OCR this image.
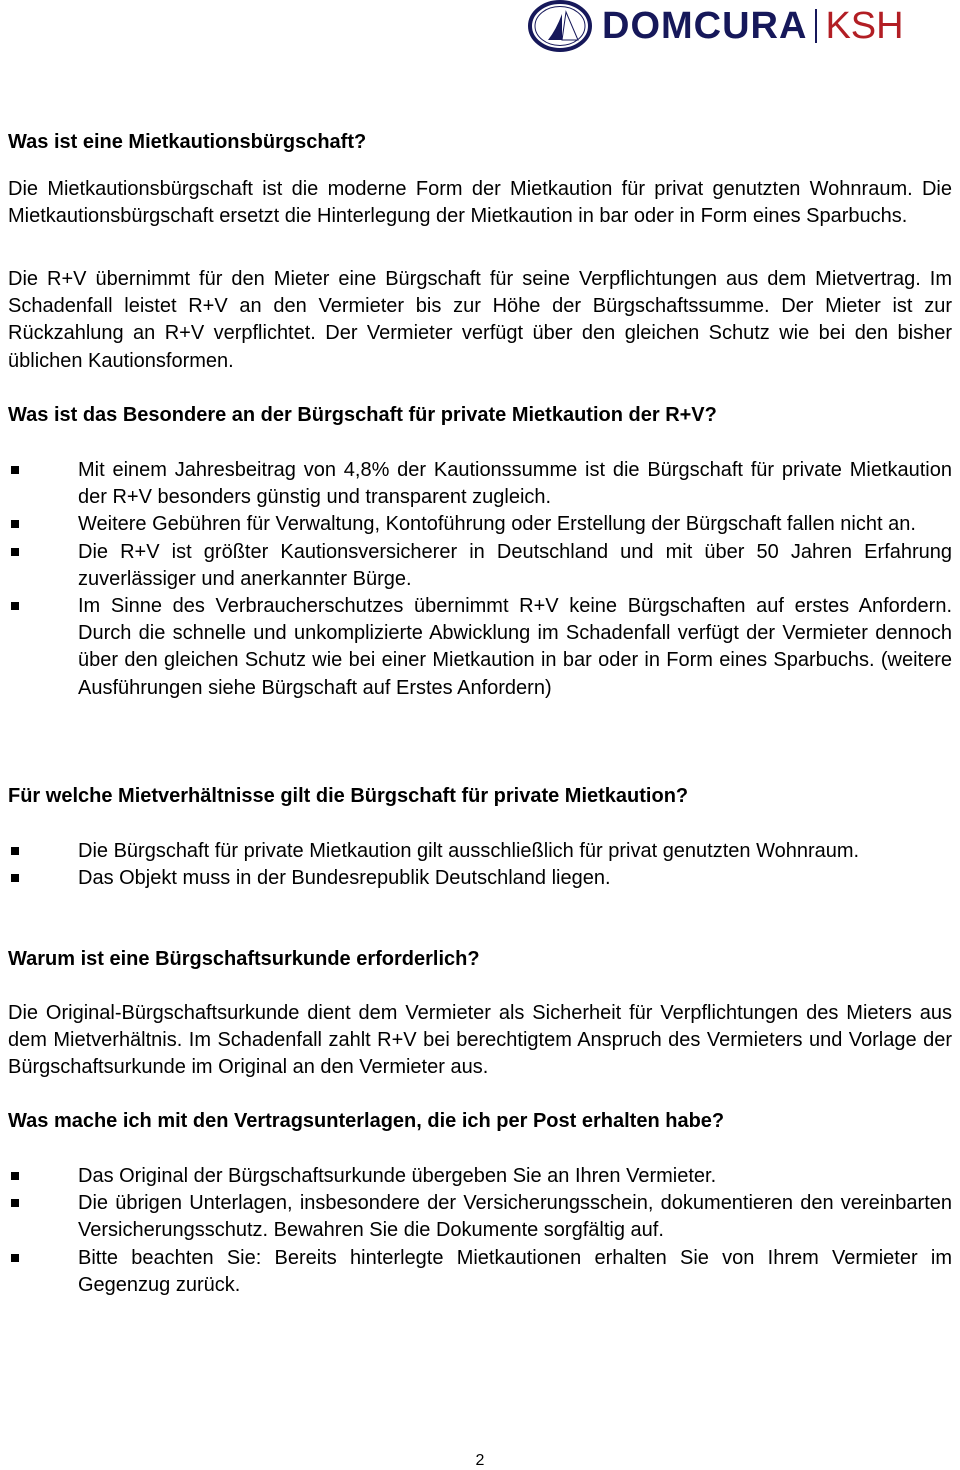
DOMCURA KSH
Was ist eine Mietkautionsbürgschaft?
Die Mietkautionsbürgschaft ist die moderne Form der Mietkaution für privat genutzten Wohnraum. Die Mietkautionsbürgschaft ersetzt die Hinterlegung der Mietkaution in bar oder in Form eines Sparbuchs.
Die R+V übernimmt für den Mieter eine Bürgschaft für seine Verpflichtungen aus dem Mietvertrag. Im Schadenfall leistet R+V an den Vermieter bis zur Höhe der Bürgschaftssumme. Der Mieter ist zur Rückzahlung an R+V verpflichtet. Der Vermieter verfügt über den gleichen Schutz wie bei den bisher üblichen Kautionsformen.
Was ist das Besondere an der Bürgschaft für private Mietkaution der R+V?
Mit einem Jahresbeitrag von 4,8% der Kautionssumme ist die Bürgschaft für private Mietkaution der R+V besonders günstig und transparent zugleich.
Weitere Gebühren für Verwaltung, Kontoführung oder Erstellung der Bürgschaft fallen nicht an.
Die R+V ist größter Kautionsversicherer in Deutschland und mit über 50 Jahren Erfahrung zuverlässiger und anerkannter Bürge.
Im Sinne des Verbraucherschutzes übernimmt R+V keine Bürgschaften auf erstes Anfordern. Durch die schnelle und unkomplizierte Abwicklung im Schadenfall verfügt der Vermieter dennoch über den gleichen Schutz wie bei einer Mietkaution in bar oder in Form eines Sparbuchs. (weitere Ausführungen siehe Bürgschaft auf Erstes Anfordern)
Für welche Mietverhältnisse gilt die Bürgschaft für private Mietkaution?
Die Bürgschaft für private Mietkaution gilt ausschließlich für privat genutzten Wohnraum.
Das Objekt muss in der Bundesrepublik Deutschland liegen.
Warum ist eine Bürgschaftsurkunde erforderlich?
Die Original-Bürgschaftsurkunde dient dem Vermieter als Sicherheit für Verpflichtungen des Mieters aus dem Mietverhältnis. Im Schadenfall zahlt R+V bei berechtigtem Anspruch des Vermieters und Vorlage der Bürgschaftsurkunde im Original an den Vermieter aus.
Was mache ich mit den Vertragsunterlagen, die ich per Post erhalten habe?
Das Original der Bürgschaftsurkunde übergeben Sie an Ihren Vermieter.
Die übrigen Unterlagen, insbesondere der Versicherungsschein, dokumentieren den vereinbarten Versicherungsschutz. Bewahren Sie die Dokumente sorgfältig auf.
Bitte beachten Sie: Bereits hinterlegte Mietkautionen erhalten Sie von Ihrem Vermieter im Gegenzug zurück.
2
